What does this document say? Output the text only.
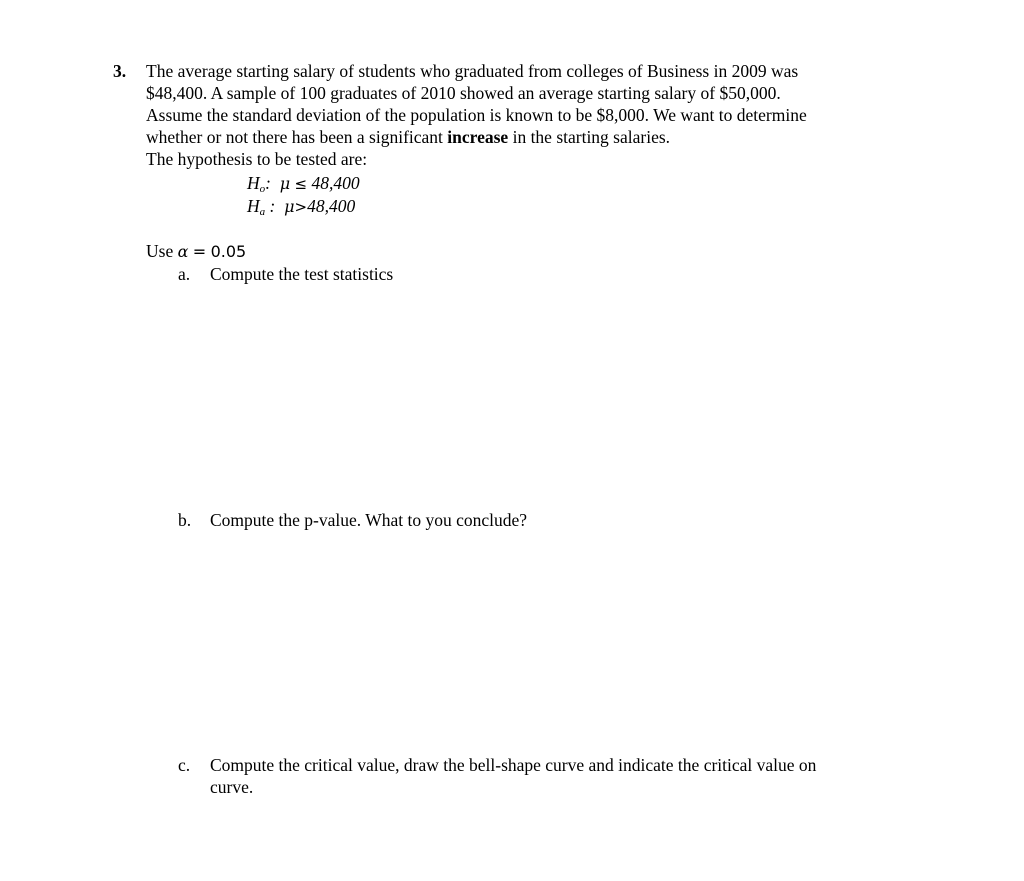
3. The average starting salary of students who graduated from colleges of Business in 2009 was
$48,400. A sample of 100 graduates of 2010 showed an average starting salary of $50,000.
Assume the standard deviation of the population is known to be $8,000. We want to determine
whether or not there has been a significant increase in the starting salaries.
The hypothesis to be tested are:
$H_o$: μ ≤ 48,400
$H_a$ : μ>48,400
Use α = 0.05
a. Compute the test statistics
b. Compute the p-value. What to you conclude?
c. Compute the critical value, draw the bell-shape curve and indicate the critical value on
curve.
